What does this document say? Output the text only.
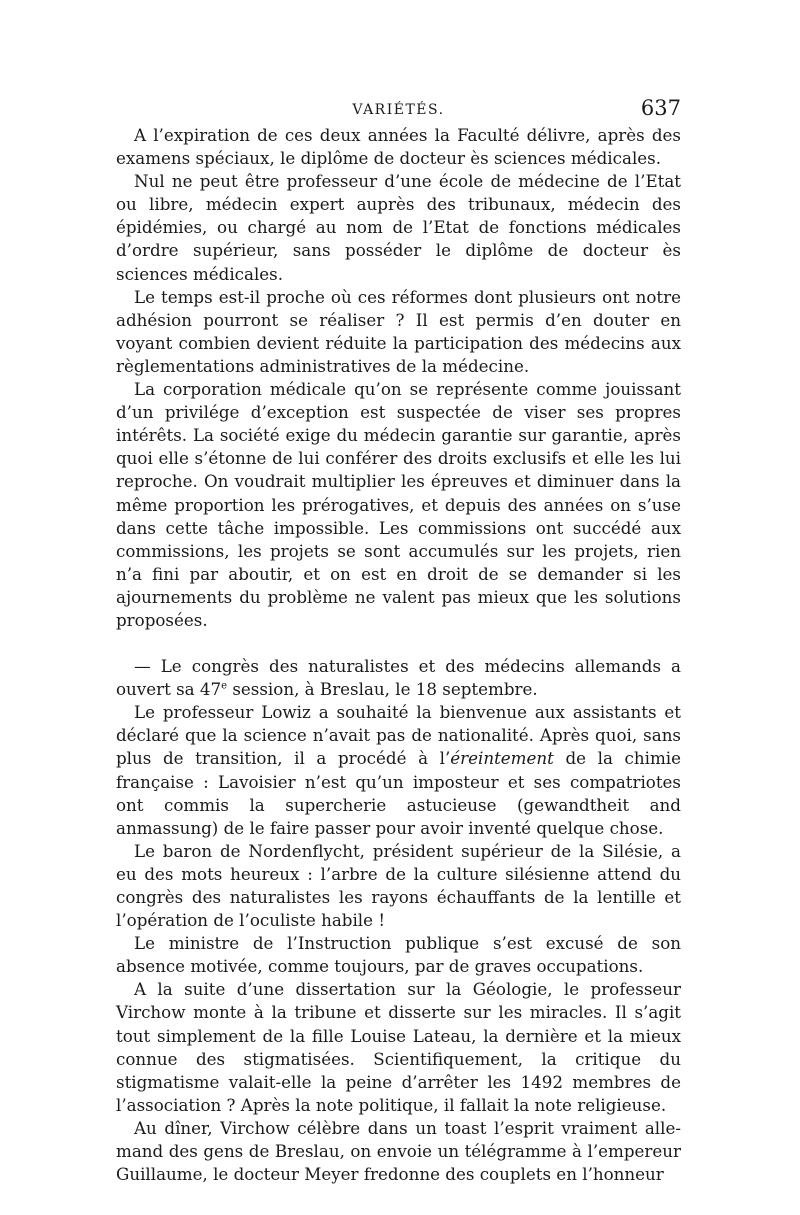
VARIÉTÉS.	637

A l’expiration de ces deux années la Faculté délivre, après des examens spéciaux, le diplôme de docteur ès sciences médicales.

Nul ne peut être professeur d’une école de médecine de l’Etat ou libre, médecin expert auprès des tribunaux, médecin des épidémies, ou chargé au nom de l’Etat de fonctions médicales d’ordre supérieur, sans posséder le diplôme de docteur ès sciences médicales.

Le temps est-il proche où ces réformes dont plusieurs ont notre adhésion pourront se réaliser ? Il est permis d’en douter en voyant combien devient réduite la participation des médecins aux règlementations administratives de la médecine.

La corporation médicale qu’on se représente comme jouissant d’un privilége d’exception est suspectée de viser ses propres intérêts. La société exige du médecin garantie sur garantie, après quoi elle s’étonne de lui conférer des droits exclusifs et elle les lui reproche. On voudrait multiplier les épreuves et diminuer dans la même proportion les prérogatives, et depuis des années on s’use dans cette tâche impossible. Les commissions ont succédé aux commissions, les projets se sont accumulés sur les projets, rien n’a fini par aboutir, et on est en droit de se demander si les ajournements du problème ne valent pas mieux que les solutions proposées.

— Le congrès des naturalistes et des médecins allemands a ouvert sa 47e session, à Breslau, le 18 septembre.

Le professeur Lowiz a souhaité la bienvenue aux assistants et déclaré que la science n’avait pas de nationalité. Après quoi, sans plus de transition, il a procédé à l’éreintement de la chimie française : Lavoisier n’est qu’un imposteur et ses compatriotes ont commis la supercherie astucieuse (gewandtheit and anmassung) de le faire passer pour avoir inventé quelque chose.

Le baron de Nordenflycht, président supérieur de la Silésie, a eu des mots heureux : l’arbre de la culture silésienne attend du congrès des naturalistes les rayons échauffants de la lentille et l’opération de l’oculiste habile !

Le ministre de l’Instruction publique s’est excusé de son absence motivée, comme toujours, par de graves occupations.

A la suite d’une dissertation sur la Géologie, le professeur Virchow monte à la tribune et disserte sur les miracles. Il s’agit tout simplement de la fille Louise Lateau, la dernière et la mieux connue des stigmatisées. Scientifiquement, la critique du stigmatisme valait-elle la peine d’arrêter les 1492 membres de l’association ? Après la note politique, il fallait la note religieuse.

Au dîner, Virchow célèbre dans un toast l’esprit vraiment allemand des gens de Breslau, on envoie un télégramme à l’empereur Guillaume, le docteur Meyer fredonne des couplets en l’honneur
